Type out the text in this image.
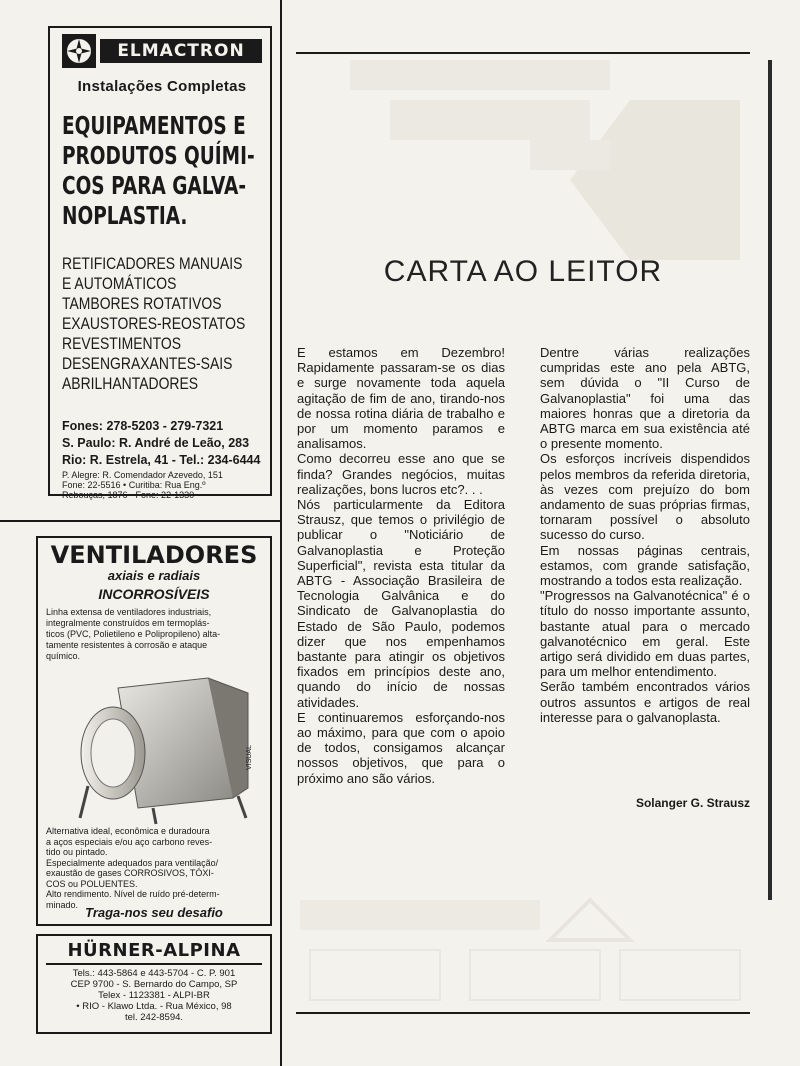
ELMACTRON
Instalações Completas
EQUIPAMENTOS E
PRODUTOS QUÍMI-
COS PARA GALVA-
NOPLASTIA.
RETIFICADORES MANUAIS
E AUTOMÁTICOS
TAMBORES ROTATIVOS
EXAUSTORES-REOSTATOS
REVESTIMENTOS
DESENGRAXANTES-SAIS
ABRILHANTADORES
Fones: 278-5203 - 279-7321
S. Paulo: R. André de Leão, 283
Rio: R. Estrela, 41 - Tel.: 234-6444
P. Alegre: R. Comendador Azevedo, 151
Fone: 22-5516 • Curitiba: Rua Eng.º
Rebouças, 1876 - Fone: 22-1330
VENTILADORES
axiais e radiais
INCORROSÍVEIS
Linha extensa de ventiladores industriais,
integralmente construídos em termoplás-
ticos (PVC, Polietileno e Polipropileno) alta-
tamente resistentes à corrosão e ataque
químico.
VISUAL
Alternativa ideal, econômica e duradoura
a aços especiais e/ou aço carbono reves-
tido ou pintado.
Especialmente adequados para ventilação/
exaustão de gases CORROSIVOS, TÓXI-
COS ou POLUENTES.
Alto rendimento. Nível de ruído pré-determ-
minado.
Traga-nos seu desafio
HÜRNER-ALPINA
Tels.: 443-5864 e 443-5704 - C. P. 901
CEP 9700 - S. Bernardo do Campo, SP
Telex - 1123381 - ALPI-BR
• RIO - Klawo Ltda. - Rua México, 98
tel. 242-8594.
CARTA AO LEITOR

E estamos em Dezembro! Rapidamente passaram-se os dias e surge novamente toda aquela agitação de fim de ano, tirando-nos de nossa rotina diária de trabalho e por um momento paramos e analisamos.

Como decorreu esse ano que se finda? Grandes negócios, muitas realizações, bons lucros etc?. . .

Nós particularmente da Editora Strausz, que temos o privilégio de publicar o "Noticiário de Galvanoplastia e Proteção Superficial", revista esta titular da ABTG - Associação Brasileira de Tecnologia Galvânica e do Sindicato de Galvanoplastia do Estado de São Paulo, podemos dizer que nos empenhamos bastante para atingir os objetivos fixados em princípios deste ano, quando do início de nossas atividades.

E continuaremos esforçando-nos ao máximo, para que com o apoio de todos, consigamos alcançar nossos objetivos, que para o próximo ano são vários.

Dentre várias realizações cumpridas este ano pela ABTG, sem dúvida o "II Curso de Galvanoplastia" foi uma das maiores honras que a diretoria da ABTG marca em sua existência até o presente momento.

Os esforços incríveis dispendidos pelos membros da referida diretoria, às vezes com prejuízo do bom andamento de suas próprias firmas, tornaram possível o absoluto sucesso do curso.

Em nossas páginas centrais, estamos, com grande satisfação, mostrando a todos esta realização.

"Progressos na Galvanotécnica" é o título do nosso importante assunto, bastante atual para o mercado galvanotécnico em geral. Este artigo será dividido em duas partes, para um melhor entendimento.

Serão também encontrados vários outros assuntos e artigos de real interesse para o galvanoplasta.

Solanger G. Strausz
